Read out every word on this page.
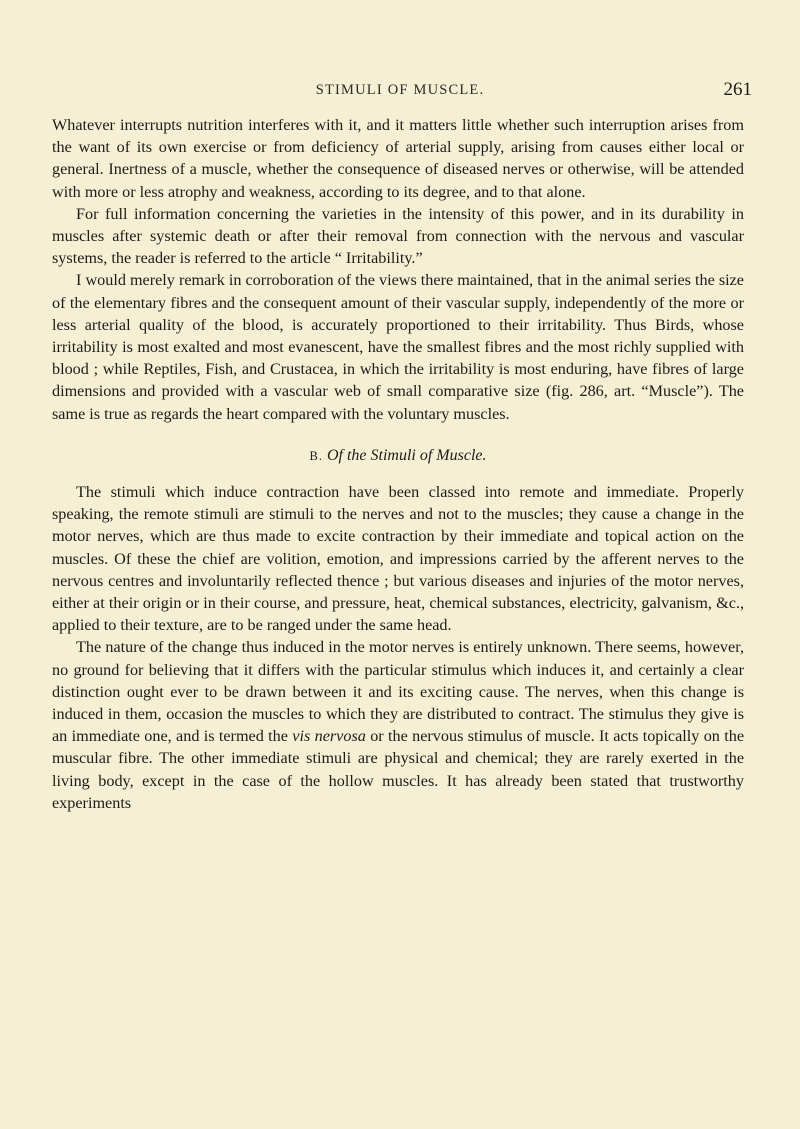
STIMULI OF MUSCLE.	261

Whatever interrupts nutrition interferes with it, and it matters little whether such interruption arises from the want of its own exercise or from deficiency of arterial supply, arising from causes either local or general. Inertness of a muscle, whether the consequence of diseased nerves or otherwise, will be attended with more or less atrophy and weakness, according to its degree, and to that alone.

For full information concerning the varieties in the intensity of this power, and in its durability in muscles after systemic death or after their removal from connection with the nervous and vascular systems, the reader is referred to the article “ Irritability.”

I would merely remark in corroboration of the views there maintained, that in the animal series the size of the elementary fibres and the consequent amount of their vascular supply, independently of the more or less arterial quality of the blood, is accurately proportioned to their irritability. Thus Birds, whose irritability is most exalted and most evanescent, have the smallest fibres and the most richly supplied with blood ; while Reptiles, Fish, and Crustacea, in which the irritability is most enduring, have fibres of large dimensions and provided with a vascular web of small comparative size (fig. 286, art. “Muscle”). The same is true as regards the heart compared with the voluntary muscles.

B. Of the Stimuli of Muscle.

The stimuli which induce contraction have been classed into remote and immediate. Properly speaking, the remote stimuli are stimuli to the nerves and not to the muscles; they cause a change in the motor nerves, which are thus made to excite contraction by their immediate and topical action on the muscles. Of these the chief are volition, emotion, and impressions carried by the afferent nerves to the nervous centres and involuntarily reflected thence ; but various diseases and injuries of the motor nerves, either at their origin or in their course, and pressure, heat, chemical substances, electricity, galvanism, &c., applied to their texture, are to be ranged under the same head.

The nature of the change thus induced in the motor nerves is entirely unknown. There seems, however, no ground for believing that it differs with the particular stimulus which induces it, and certainly a clear distinction ought ever to be drawn between it and its exciting cause. The nerves, when this change is induced in them, occasion the muscles to which they are distributed to contract. The stimulus they give is an immediate one, and is termed the vis nervosa or the nervous stimulus of muscle. It acts topically on the muscular fibre. The other immediate stimuli are physical and chemical; they are rarely exerted in the living body, except in the case of the hollow muscles. It has already been stated that trustworthy experiments
